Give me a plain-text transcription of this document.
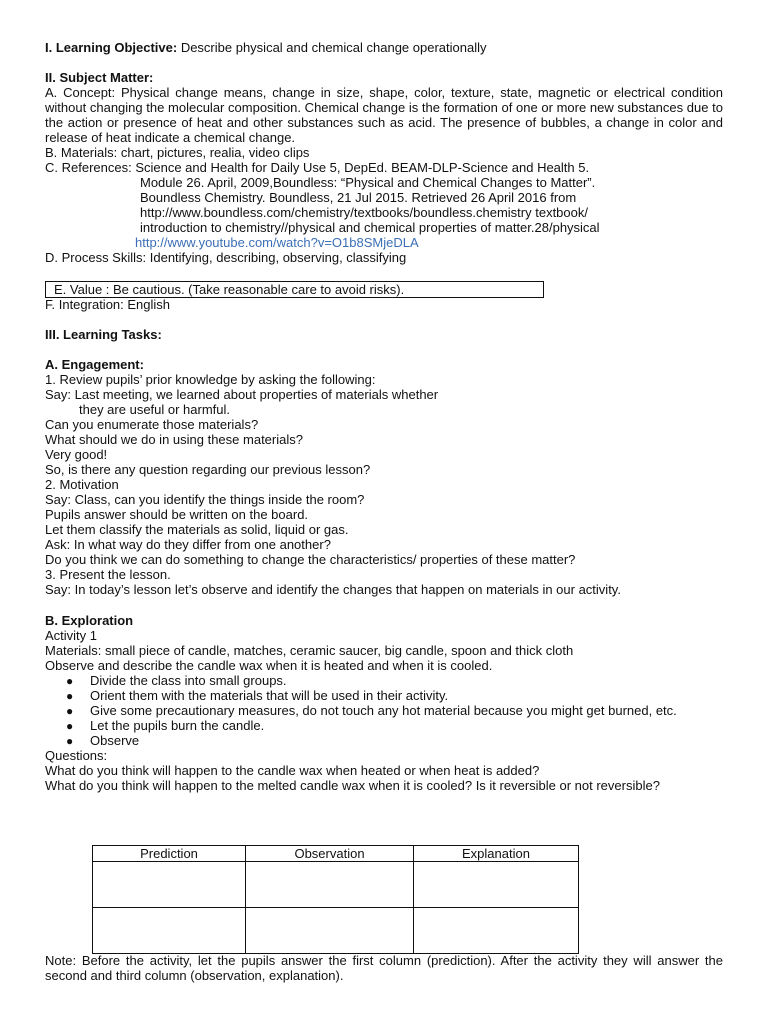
I. Learning Objective: Describe physical and chemical change operationally
II. Subject Matter:
A. Concept: Physical change means, change in size, shape, color, texture, state, magnetic or electrical condition without changing the molecular composition. Chemical change is the formation of one or more new substances due to the action or presence of heat and other substances such as acid. The presence of bubbles, a change in color and release of heat indicate a chemical change.
B. Materials: chart, pictures, realia, video clips
C. References: Science and Health for Daily Use 5, DepEd. BEAM-DLP-Science and Health 5.
Module 26. April, 2009,Boundless: “Physical and Chemical Changes to Matter”.
Boundless Chemistry. Boundless, 21 Jul 2015. Retrieved 26 April 2016 from
http://www.boundless.com/chemistry/textbooks/boundless.chemistry textbook/
introduction to chemistry//physical and chemical properties of matter.28/physical
http://www.youtube.com/watch?v=O1b8SMjeDLA
D. Process Skills: Identifying, describing, observing, classifying
E. Value : Be cautious. (Take reasonable care to avoid risks).
F. Integration: English
III. Learning Tasks:
A. Engagement:
1. Review pupils’ prior knowledge by asking the following:
Say: Last meeting, we learned about properties of materials whether
they are useful or harmful.
Can you enumerate those materials?
What should we do in using these materials?
Very good!
So, is there any question regarding our previous lesson?
2. Motivation
Say: Class, can you identify the things inside the room?
Pupils answer should be written on the board.
Let them classify the materials as solid, liquid or gas.
Ask: In what way do they differ from one another?
Do you think we can do something to change the characteristics/ properties of these matter?
3. Present the lesson.
Say: In today’s lesson let’s observe and identify the changes that happen on materials in our activity.
B. Exploration
Activity 1
Materials: small piece of candle, matches, ceramic saucer, big candle, spoon and thick cloth
Observe and describe the candle wax when it is heated and when it is cooled.
● Divide the class into small groups.
● Orient them with the materials that will be used in their activity.
● Give some precautionary measures, do not touch any hot material because you might get burned, etc.
● Let the pupils burn the candle.
● Observe
Questions:
What do you think will happen to the candle wax when heated or when heat is added?
What do you think will happen to the melted candle wax when it is cooled? Is it reversible or not reversible?
Prediction	Observation	Explanation

Note: Before the activity, let the pupils answer the first column (prediction). After the activity they will answer the second and third column (observation, explanation).
